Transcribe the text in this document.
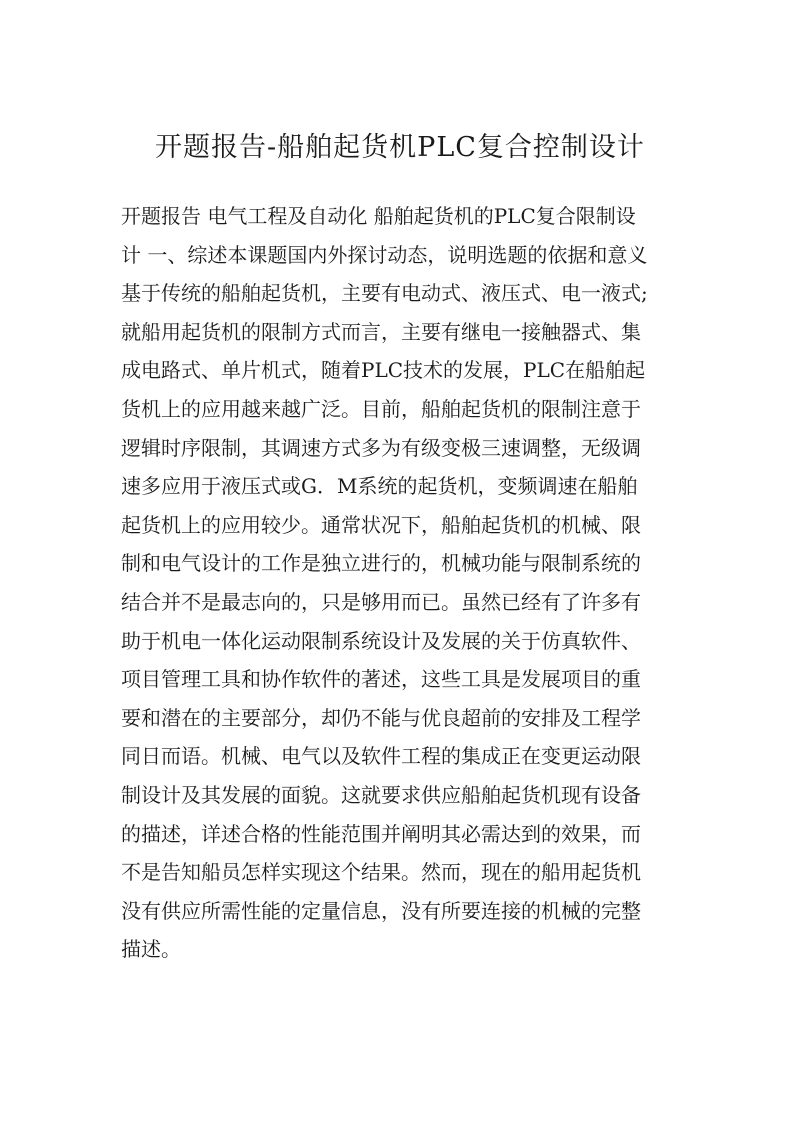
开题报告-船舶起货机PLC复合控制设计
开题报告 电气工程及自动化 船舶起货机的PLC复合限制设
计 一、综述本课题国内外探讨动态，说明选题的依据和意义
基于传统的船舶起货机，主要有电动式、液压式、电一液式;
就船用起货机的限制方式而言，主要有继电一接触器式、集
成电路式、单片机式，随着PLC技术的发展，PLC在船舶起
货机上的应用越来越广泛。目前，船舶起货机的限制注意于
逻辑时序限制，其调速方式多为有级变极三速调整，无级调
速多应用于液压式或G．M系统的起货机，变频调速在船舶
起货机上的应用较少。通常状况下，船舶起货机的机械、限
制和电气设计的工作是独立进行的，机械功能与限制系统的
结合并不是最志向的，只是够用而已。虽然已经有了许多有
助于机电一体化运动限制系统设计及发展的关于仿真软件、
项目管理工具和协作软件的著述，这些工具是发展项目的重
要和潜在的主要部分，却仍不能与优良超前的安排及工程学
同日而语。机械、电气以及软件工程的集成正在变更运动限
制设计及其发展的面貌。这就要求供应船舶起货机现有设备
的描述，详述合格的性能范围并阐明其必需达到的效果，而
不是告知船员怎样实现这个结果。然而，现在的船用起货机
没有供应所需性能的定量信息，没有所要连接的机械的完整
描述。
